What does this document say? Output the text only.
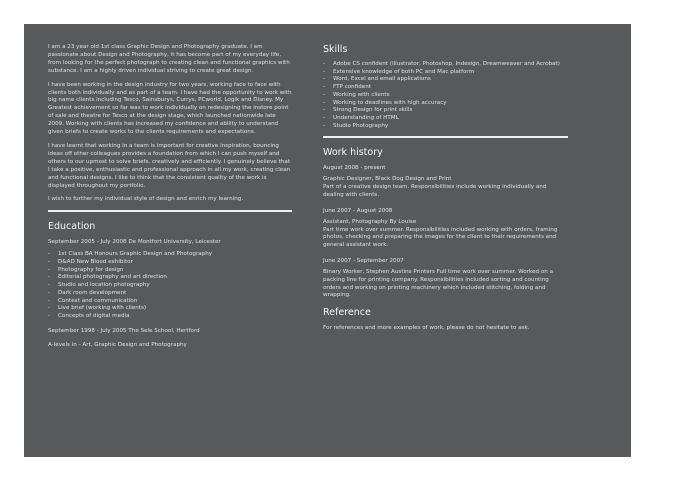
I am a 23 year old 1st class Graphic Design and Photography graduate. I am passionate about Design and Photography, it has become part of my everyday life, from looking for the perfect photograph to creating clean and functional graphics with substance. I am a highly driven individual striving to create great design.

I have been working in the design industry for two years, working face to face with clients both individually and as part of a team. I have had the opportunity to work with big name clients including Tesco, Sainsburys, Currys, PCworld, Logik and Disney. My Greatest achievement so far was to work individually on redesigning the instore point of sale and theatre for Tesco at the design stage, which launched nationwide late 2009. Working with clients has increased my confidence and ability to understand given briefs to create works to the clients requirements and expectations.

I have learnt that working in a team is important for creative inspiration, bouncing ideas off other colleagues provides a foundation from which I can push myself and others to our upmost to solve briefs, creatively and efficiently. I genuinely believe that I take a positive, enthusiastic and professional approach in all my work, creating clean and functional designs. I like to think that the consistent quality of the work is displayed throughout my portfolio.

I wish to further my individual style of design and enrich my learning.

Education
September 2005 - July 2008 De Montfort University, Leicester
- 1st Class BA Honours Graphic Design and Photography
- D&AD New Blood exhibitor
- Photography for design
- Editorial photography and art direction
- Studio and location photography
- Dark room development
- Context and communication
- Live brief (working with clients)
- Concepts of digital media
September 1998 - July 2005 The Sele School, Hertford
A-levels in - Art, Graphic Design and Photography
Skills
- Adobe CS confident (Illustrator, Photoshop, Indesign, Dreamweaver and Acrobat)
- Extensive knowledge of both PC and Mac platform
- Word, Excel and email applications
- FTP confident
- Working with clients
- Working to deadlines with high accuracy
- Strong Design for print skills
- Understanding of HTML
- Studio Photography
Work history
August 2008 - present
Graphic Designer, Black Dog Design and Print
Part of a creative design team. Responsibilities include working individually and dealing with clients.
June 2007 - August 2008
Assistant, Photography By Louise
Part time work over summer. Responsibilities included working with orders, framing photos, checking and preparing the images for the client to their requirements and general assistant work.
June 2007 - September 2007
Binary Worker, Stephen Austins Printers Full time work over summer. Worked on a packing line for printing company. Responsibilities included sorting and counting orders and working on printing machinery which included stitching, folding and wrapping.
Reference
For references and more examples of work, please do not hesitate to ask.
